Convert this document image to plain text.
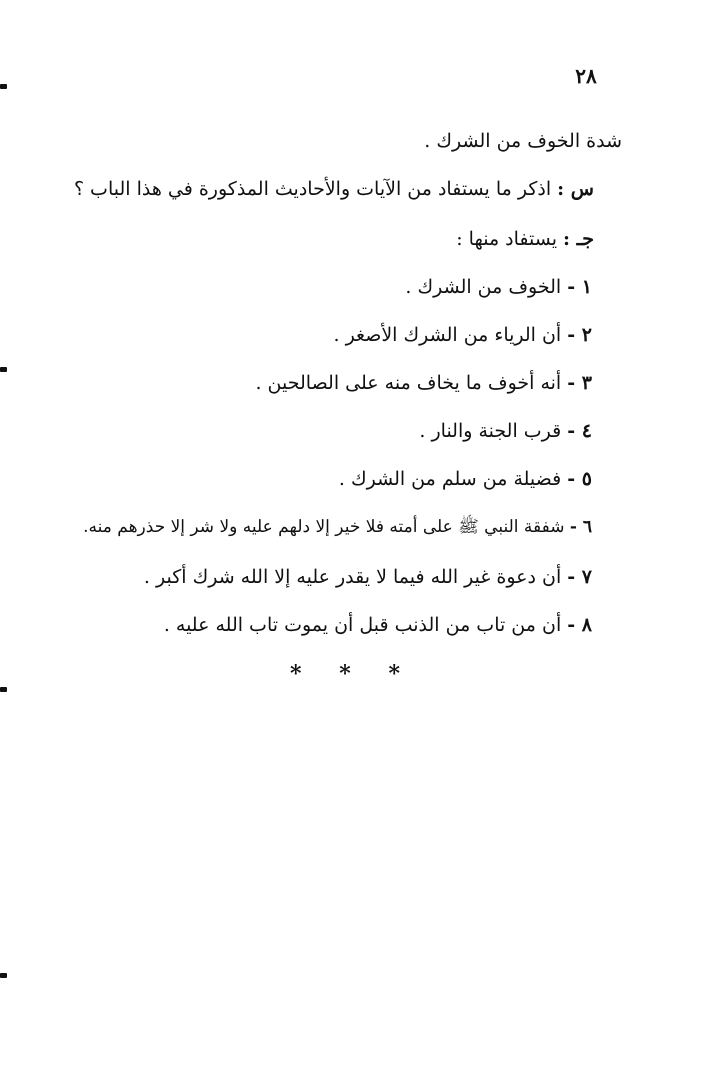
٢٨
شدة الخوف من الشرك .
س : اذكر ما يستفاد من الآيات والأحاديث المذكورة في هذا الباب ؟
جـ : يستفاد منها :
١ - الخوف من الشرك .
٢ - أن الرياء من الشرك الأصغر .
٣ - أنه أخوف ما يخاف منه على الصالحين .
٤ - قرب الجنة والنار .
٥ - فضيلة من سلم من الشرك .
٦ - شفقة النبي ﷺ على أمته فلا خير إلا دلهم عليه ولا شر إلا حذرهم منه.
٧ - أن دعوة غير الله فيما لا يقدر عليه إلا الله شرك أكبر .
٨ - أن من تاب من الذنب قبل أن يموت تاب الله عليه .
* * *
